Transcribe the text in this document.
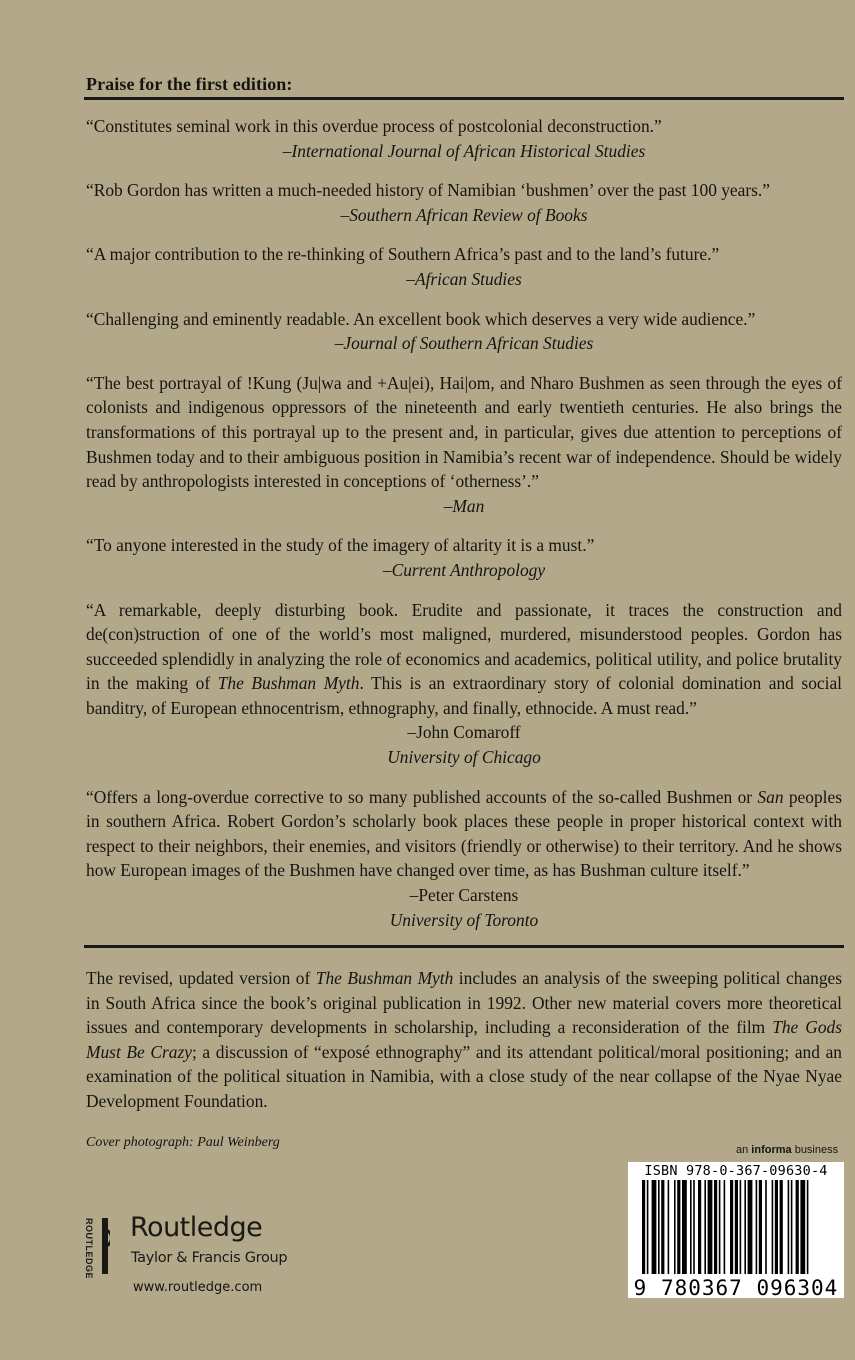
Praise for the first edition:

“Constitutes seminal work in this overdue process of postcolonial deconstruction.”

–International Journal of African Historical Studies

“Rob Gordon has written a much-needed history of Namibian ‘bushmen’ over the past 100 years.”

–Southern African Review of Books

“A major contribution to the re-thinking of Southern Africa’s past and to the land’s future.”

–African Studies

“Challenging and eminently readable. An excellent book which deserves a very wide audience.”

–Journal of Southern African Studies

“The best portrayal of !Kung (Ju|wa and +Au|ei), Hai|om, and Nharo Bushmen as seen through the eyes of colonists and indigenous oppressors of the nineteenth and early twentieth centuries. He also brings the transformations of this portrayal up to the present and, in particular, gives due attention to perceptions of Bushmen today and to their ambiguous position in Namibia’s recent war of independence. Should be widely read by anthropologists interested in conceptions of ‘otherness’.”

–Man

“To anyone interested in the study of the imagery of altarity it is a must.”

–Current Anthropology

“A remarkable, deeply disturbing book. Erudite and passionate, it traces the construction and de(con)struction of one of the world’s most maligned, murdered, misunderstood peoples. Gordon has succeeded splendidly in analyzing the role of economics and academics, political utility, and police brutality in the making of The Bushman Myth. This is an extraordinary story of colonial domination and social banditry, of European ethnocentrism, ethnography, and finally, ethnocide. A must read.”

–John Comaroff

University of Chicago

“Offers a long-overdue corrective to so many published accounts of the so-called Bushmen or San peoples in southern Africa. Robert Gordon’s scholarly book places these people in proper historical context with respect to their neighbors, their enemies, and visitors (friendly or otherwise) to their territory. And he shows how European images of the Bushmen have changed over time, as has Bushman culture itself.”

–Peter Carstens

University of Toronto

The revised, updated version of The Bushman Myth includes an analysis of the sweeping political changes in South Africa since the book’s original publication in 1992. Other new material covers more theoretical issues and contemporary developments in scholarship, including a reconsideration of the film The Gods Must Be Crazy; a discussion of “exposé ethnography” and its attendant political/moral positioning; and an examination of the political situation in Namibia, with a close study of the near collapse of the Nyae Nyae Development Foundation.
Cover photograph: Paul Weinberg	an informa business
ROUTLEDGE Routledge
Taylor & Francis Group
www.routledge.com
ISBN 978-0-367-09630-4
9 780367 096304
